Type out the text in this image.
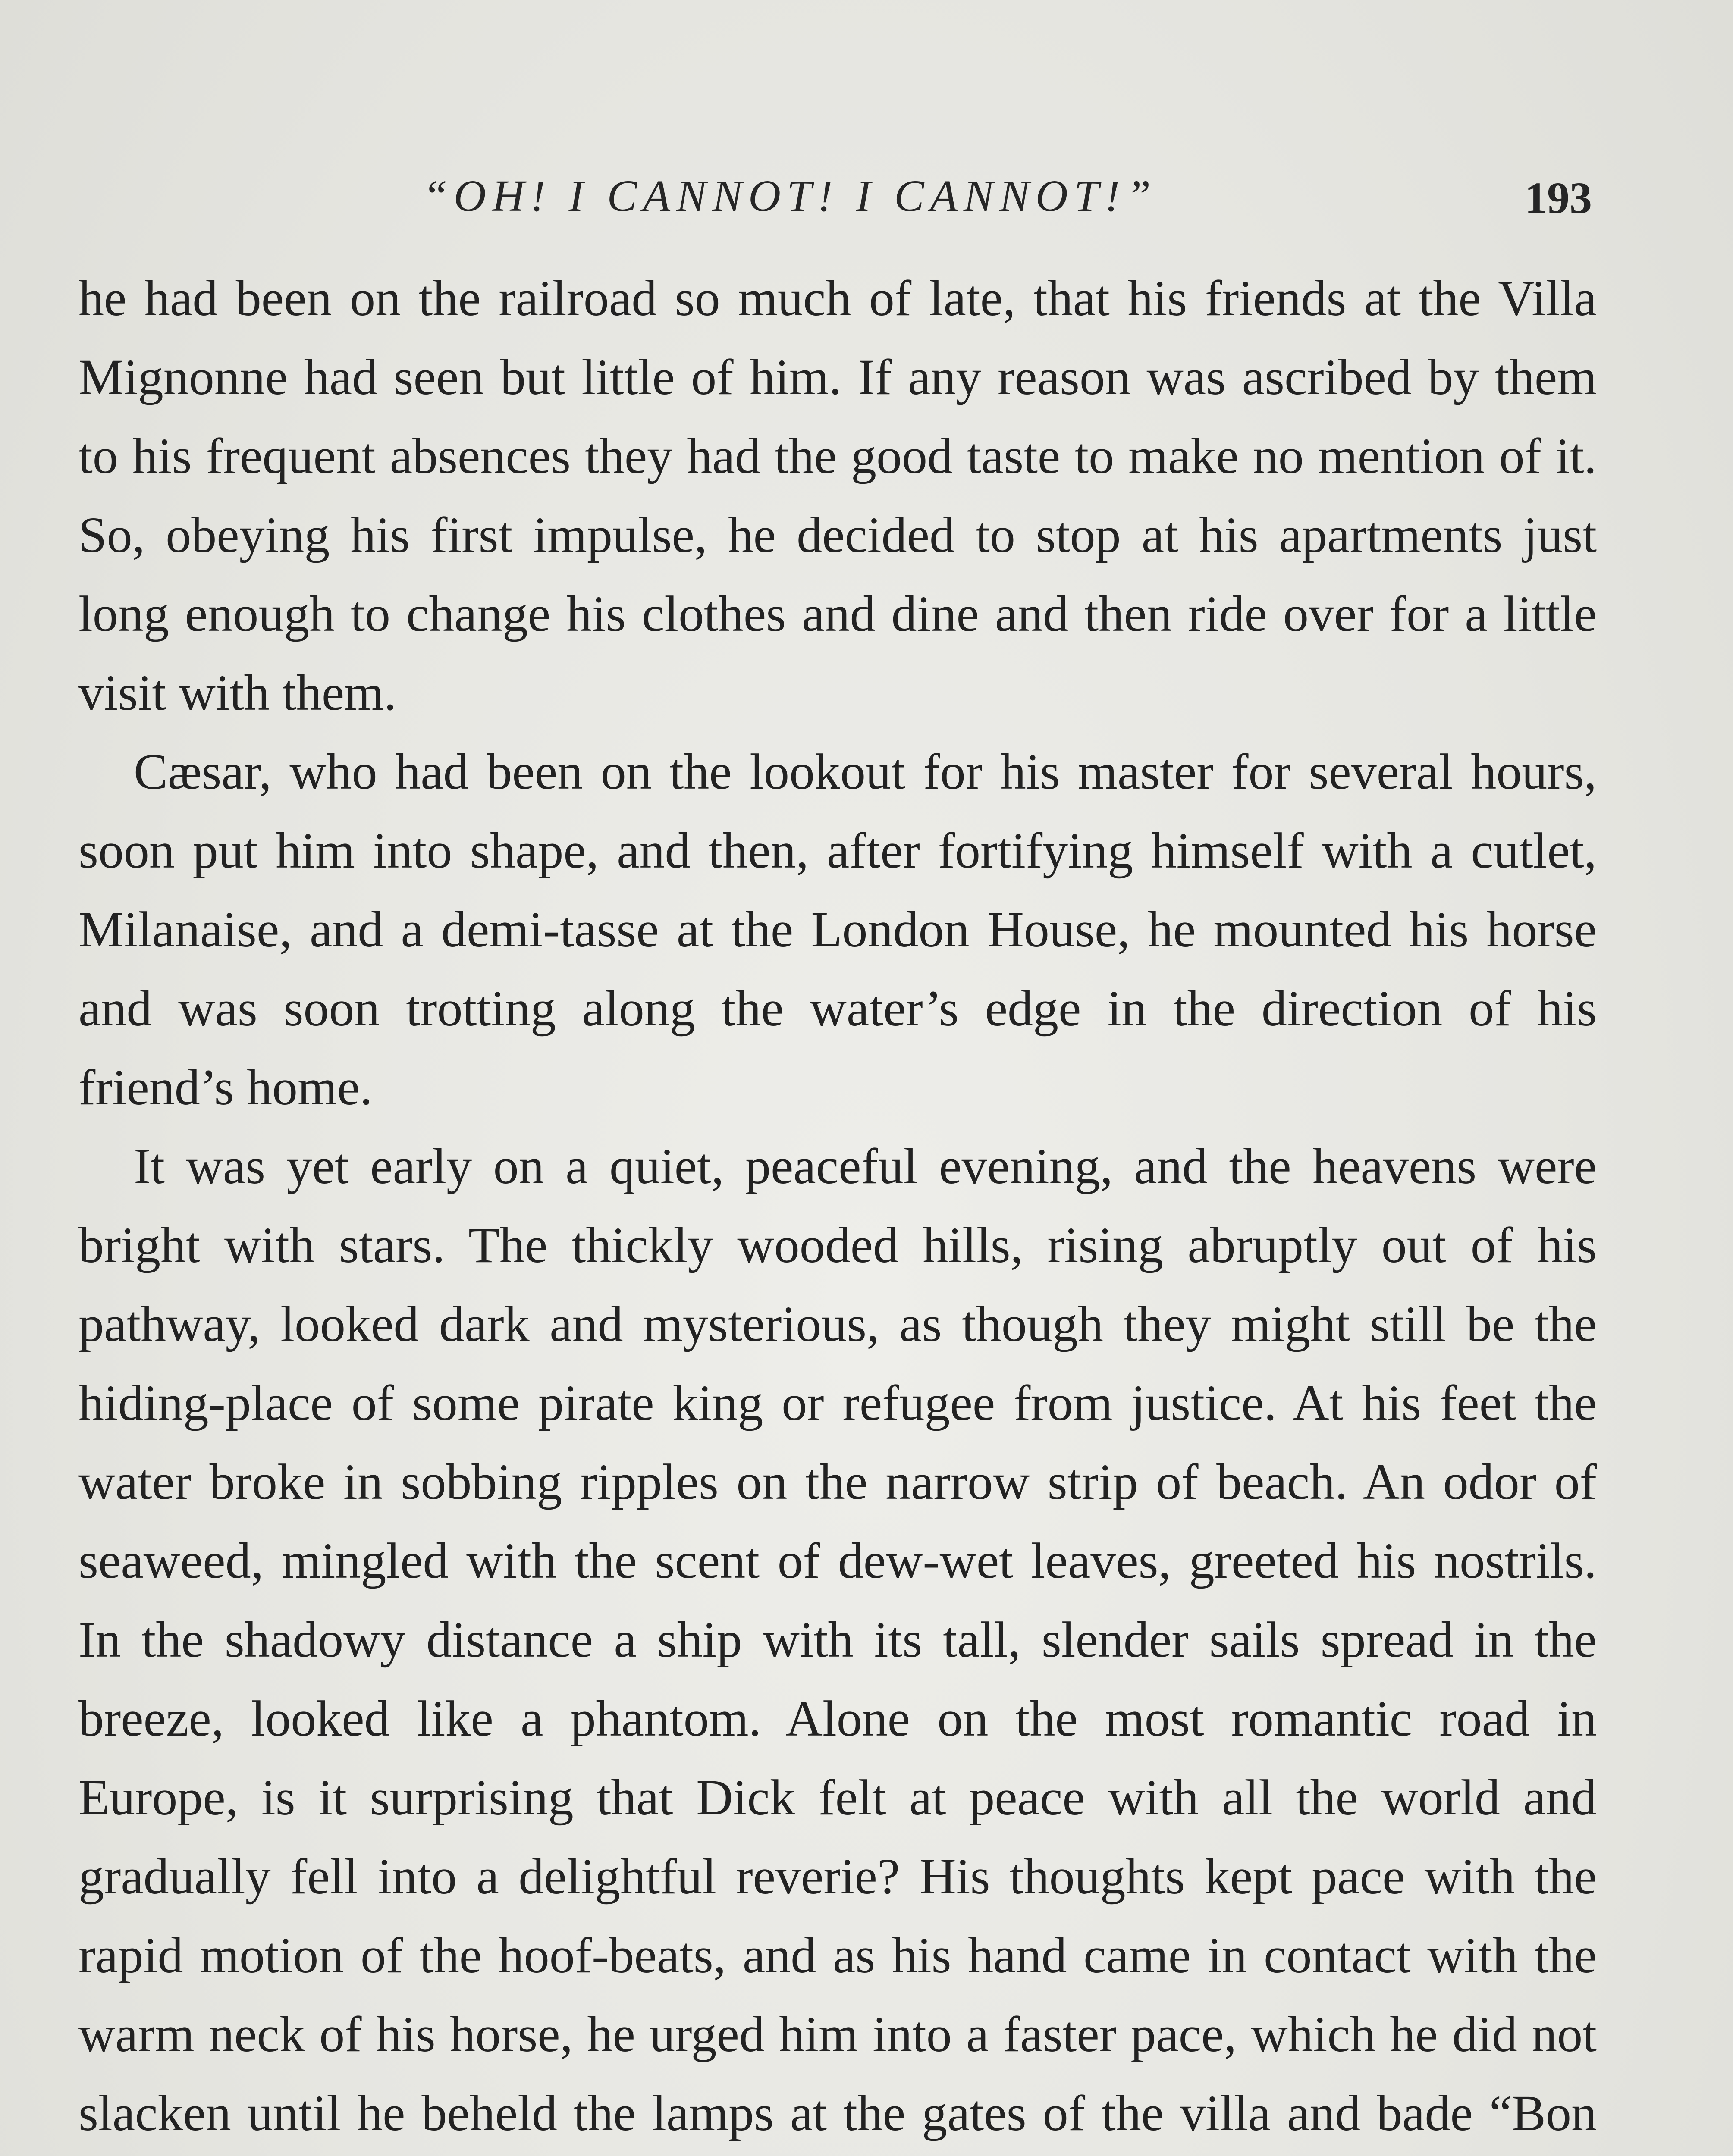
“OH! I CANNOT! I CANNOT!”	193

he had been on the railroad so much of late, that his friends at the Villa Mignonne had seen but little of him. If any reason was ascribed by them to his frequent absences they had the good taste to make no mention of it. So, obeying his first impulse, he decided to stop at his apartments just long enough to change his clothes and dine and then ride over for a little visit with them.

Cæsar, who had been on the lookout for his master for several hours, soon put him into shape, and then, after fortifying himself with a cutlet, Milanaise, and a demi-tasse at the London House, he mounted his horse and was soon trotting along the water’s edge in the direction of his friend’s home.

It was yet early on a quiet, peaceful evening, and the heavens were bright with stars. The thickly wooded hills, rising abruptly out of his pathway, looked dark and mysterious, as though they might still be the hiding-place of some pirate king or refugee from justice. At his feet the water broke in sobbing ripples on the narrow strip of beach. An odor of seaweed, mingled with the scent of dew-wet leaves, greeted his nostrils. In the shadowy distance a ship with its tall, slender sails spread in the breeze, looked like a phantom. Alone on the most romantic road in Europe, is it surprising that Dick felt at peace with all the world and gradually fell into a delightful reverie? His thoughts kept pace with the rapid motion of the hoof-beats, and as his hand came in contact with the warm neck of his horse, he urged him into a faster pace, which he did not slacken until he beheld the lamps at the gates of the villa and bade “Bon
